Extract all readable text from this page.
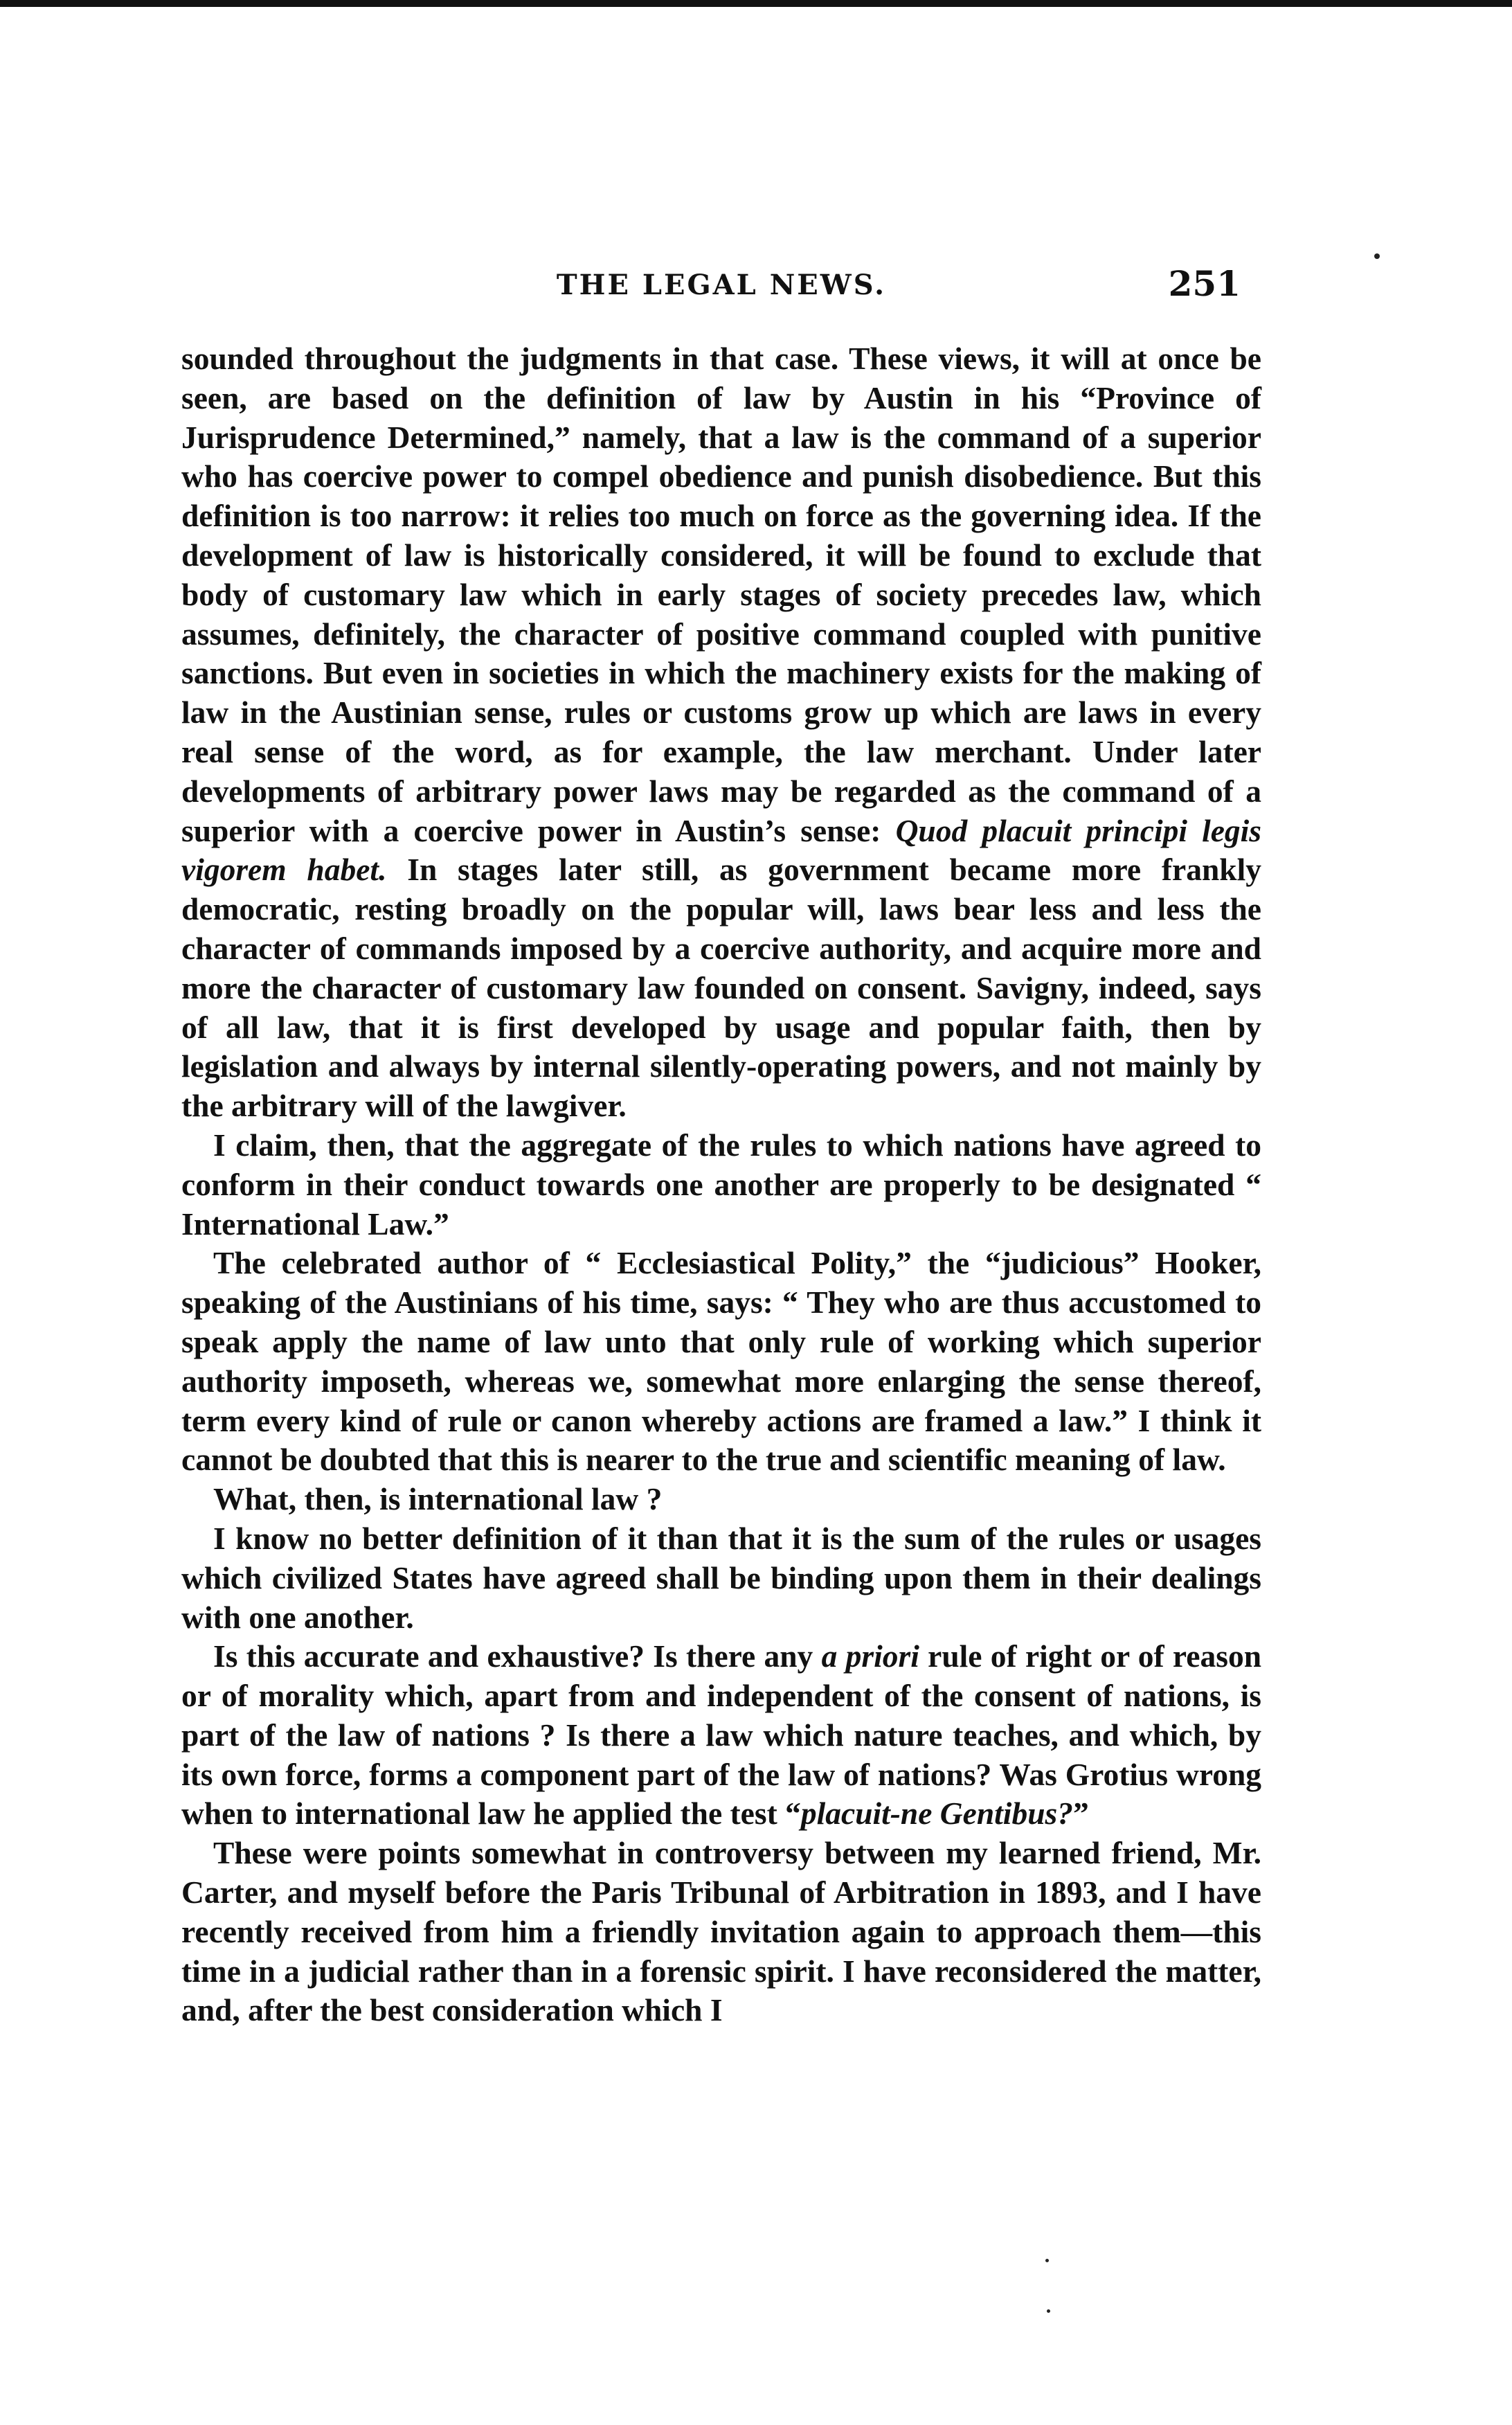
THE LEGAL NEWS.	251

sounded throughout the judgments in that case. These views, it will at once be seen, are based on the definition of law by Austin in his “Province of Jurisprudence Determined,” namely, that a law is the command of a superior who has coercive power to compel obedience and punish disobedience. But this definition is too narrow: it relies too much on force as the governing idea. If the development of law is historically considered, it will be found to exclude that body of customary law which in early stages of society precedes law, which assumes, definitely, the character of positive command coupled with punitive sanctions. But even in societies in which the machinery exists for the making of law in the Austinian sense, rules or customs grow up which are laws in every real sense of the word, as for example, the law merchant. Under later developments of arbitrary power laws may be regarded as the command of a superior with a coercive power in Austin’s sense: Quod placuit principi legis vigorem habet. In stages later still, as government became more frankly democratic, resting broadly on the popular will, laws bear less and less the character of commands imposed by a coercive authority, and acquire more and more the character of customary law founded on consent. Savigny, indeed, says of all law, that it is first developed by usage and popular faith, then by legislation and always by internal silently-operating powers, and not mainly by the arbitrary will of the lawgiver.

I claim, then, that the aggregate of the rules to which nations have agreed to conform in their conduct towards one another are properly to be designated “ International Law.”

The celebrated author of “ Ecclesiastical Polity,” the “judicious” Hooker, speaking of the Austinians of his time, says: “ They who are thus accustomed to speak apply the name of law unto that only rule of working which superior authority imposeth, whereas we, somewhat more enlarging the sense thereof, term every kind of rule or canon whereby actions are framed a law.” I think it cannot be doubted that this is nearer to the true and scientific meaning of law.

What, then, is international law ?

I know no better definition of it than that it is the sum of the rules or usages which civilized States have agreed shall be binding upon them in their dealings with one another.

Is this accurate and exhaustive? Is there any a priori rule of right or of reason or of morality which, apart from and independent of the consent of nations, is part of the law of nations ? Is there a law which nature teaches, and which, by its own force, forms a component part of the law of nations? Was Grotius wrong when to international law he applied the test “placuit-ne Gentibus?”

These were points somewhat in controversy between my learned friend, Mr. Carter, and myself before the Paris Tribunal of Arbitration in 1893, and I have recently received from him a friendly invitation again to approach them—this time in a judicial rather than in a forensic spirit. I have reconsidered the matter, and, after the best consideration which I
